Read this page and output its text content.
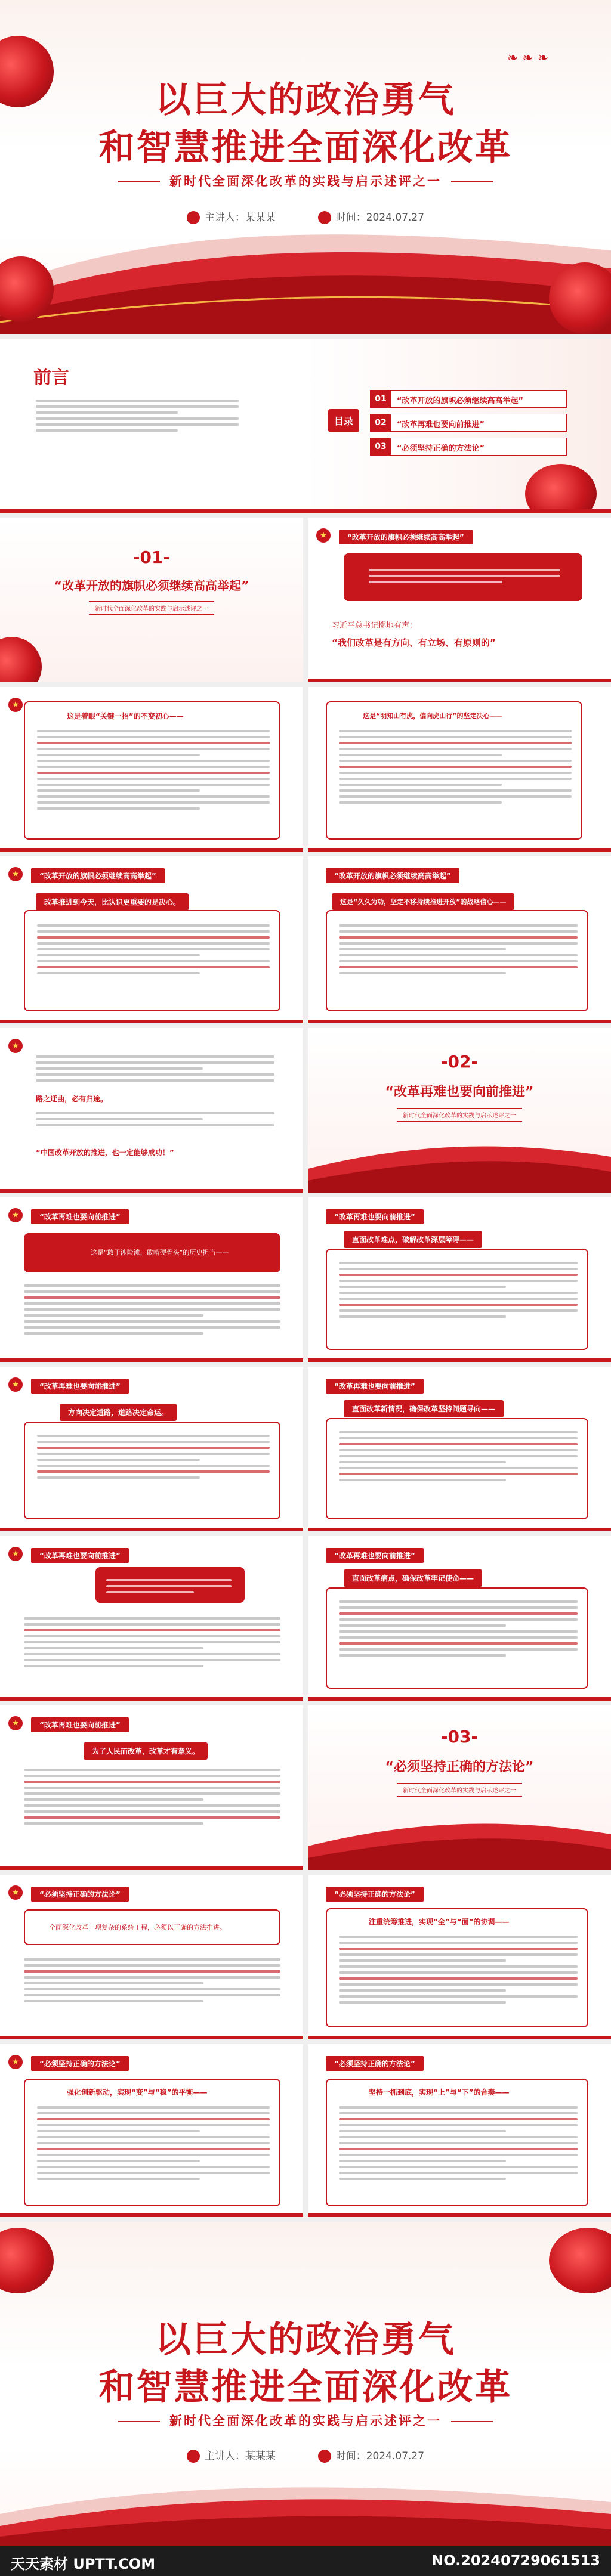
❧ ❧ ❧
以巨大的政治勇气
和智慧推进全面深化改革
新时代全面深化改革的实践与启示述评之一
主讲人：某某某	时间：2024.07.27
前言
目录
01	“改革开放的旗帜必须继续高高举起”
02	“改革再难也要向前推进”
03	“必须坚持正确的方法论”
-01-
“改革开放的旗帜必须继续高高举起”
新时代全面深化改革的实践与启示述评之一
★	“改革开放的旗帜必须继续高高举起”
习近平总书记掷地有声：
“我们改革是有方向、有立场、有原则的”
★
这是着眼“关键一招”的不变初心——	这是“明知山有虎，偏向虎山行”的坚定决心——
★	“改革开放的旗帜必须继续高高举起”
改革推进到今天，比认识更重要的是决心。
“改革开放的旗帜必须继续高高举起”
这是“久久为功，坚定不移持续推进开放”的战略信心——
★
路之迂曲，必有归途。
“中国改革开放的推进，也一定能够成功！”
-02-
“改革再难也要向前推进”
新时代全面深化改革的实践与启示述评之一
★	“改革再难也要向前推进”
这是“敢于涉险滩，敢啃硬骨头”的历史担当——
“改革再难也要向前推进”
直面改革难点，破解改革深层障碍——
★	“改革再难也要向前推进”
方向决定道路，道路决定命运。
“改革再难也要向前推进”
直面改革新情况，确保改革坚持问题导向——
★	“改革再难也要向前推进”	“改革再难也要向前推进”
直面改革痛点，确保改革牢记使命——
★	“改革再难也要向前推进”
为了人民而改革，改革才有意义。
-03-
“必须坚持正确的方法论”
新时代全面深化改革的实践与启示述评之一
★	“必须坚持正确的方法论”
全面深化改革一项复杂的系统工程，必须以正确的方法推进。
“必须坚持正确的方法论”
注重统筹推进，实现“全”与“面”的协调——
★	“必须坚持正确的方法论”
强化创新驱动，实现“变”与“稳”的平衡——
“必须坚持正确的方法论”
坚持一抓到底，实现“上”与“下”的合奏——
以巨大的政治勇气
和智慧推进全面深化改革
新时代全面深化改革的实践与启示述评之一
主讲人：某某某	时间：2024.07.27
天天素材 UPTT.COM	NO.20240729061513
